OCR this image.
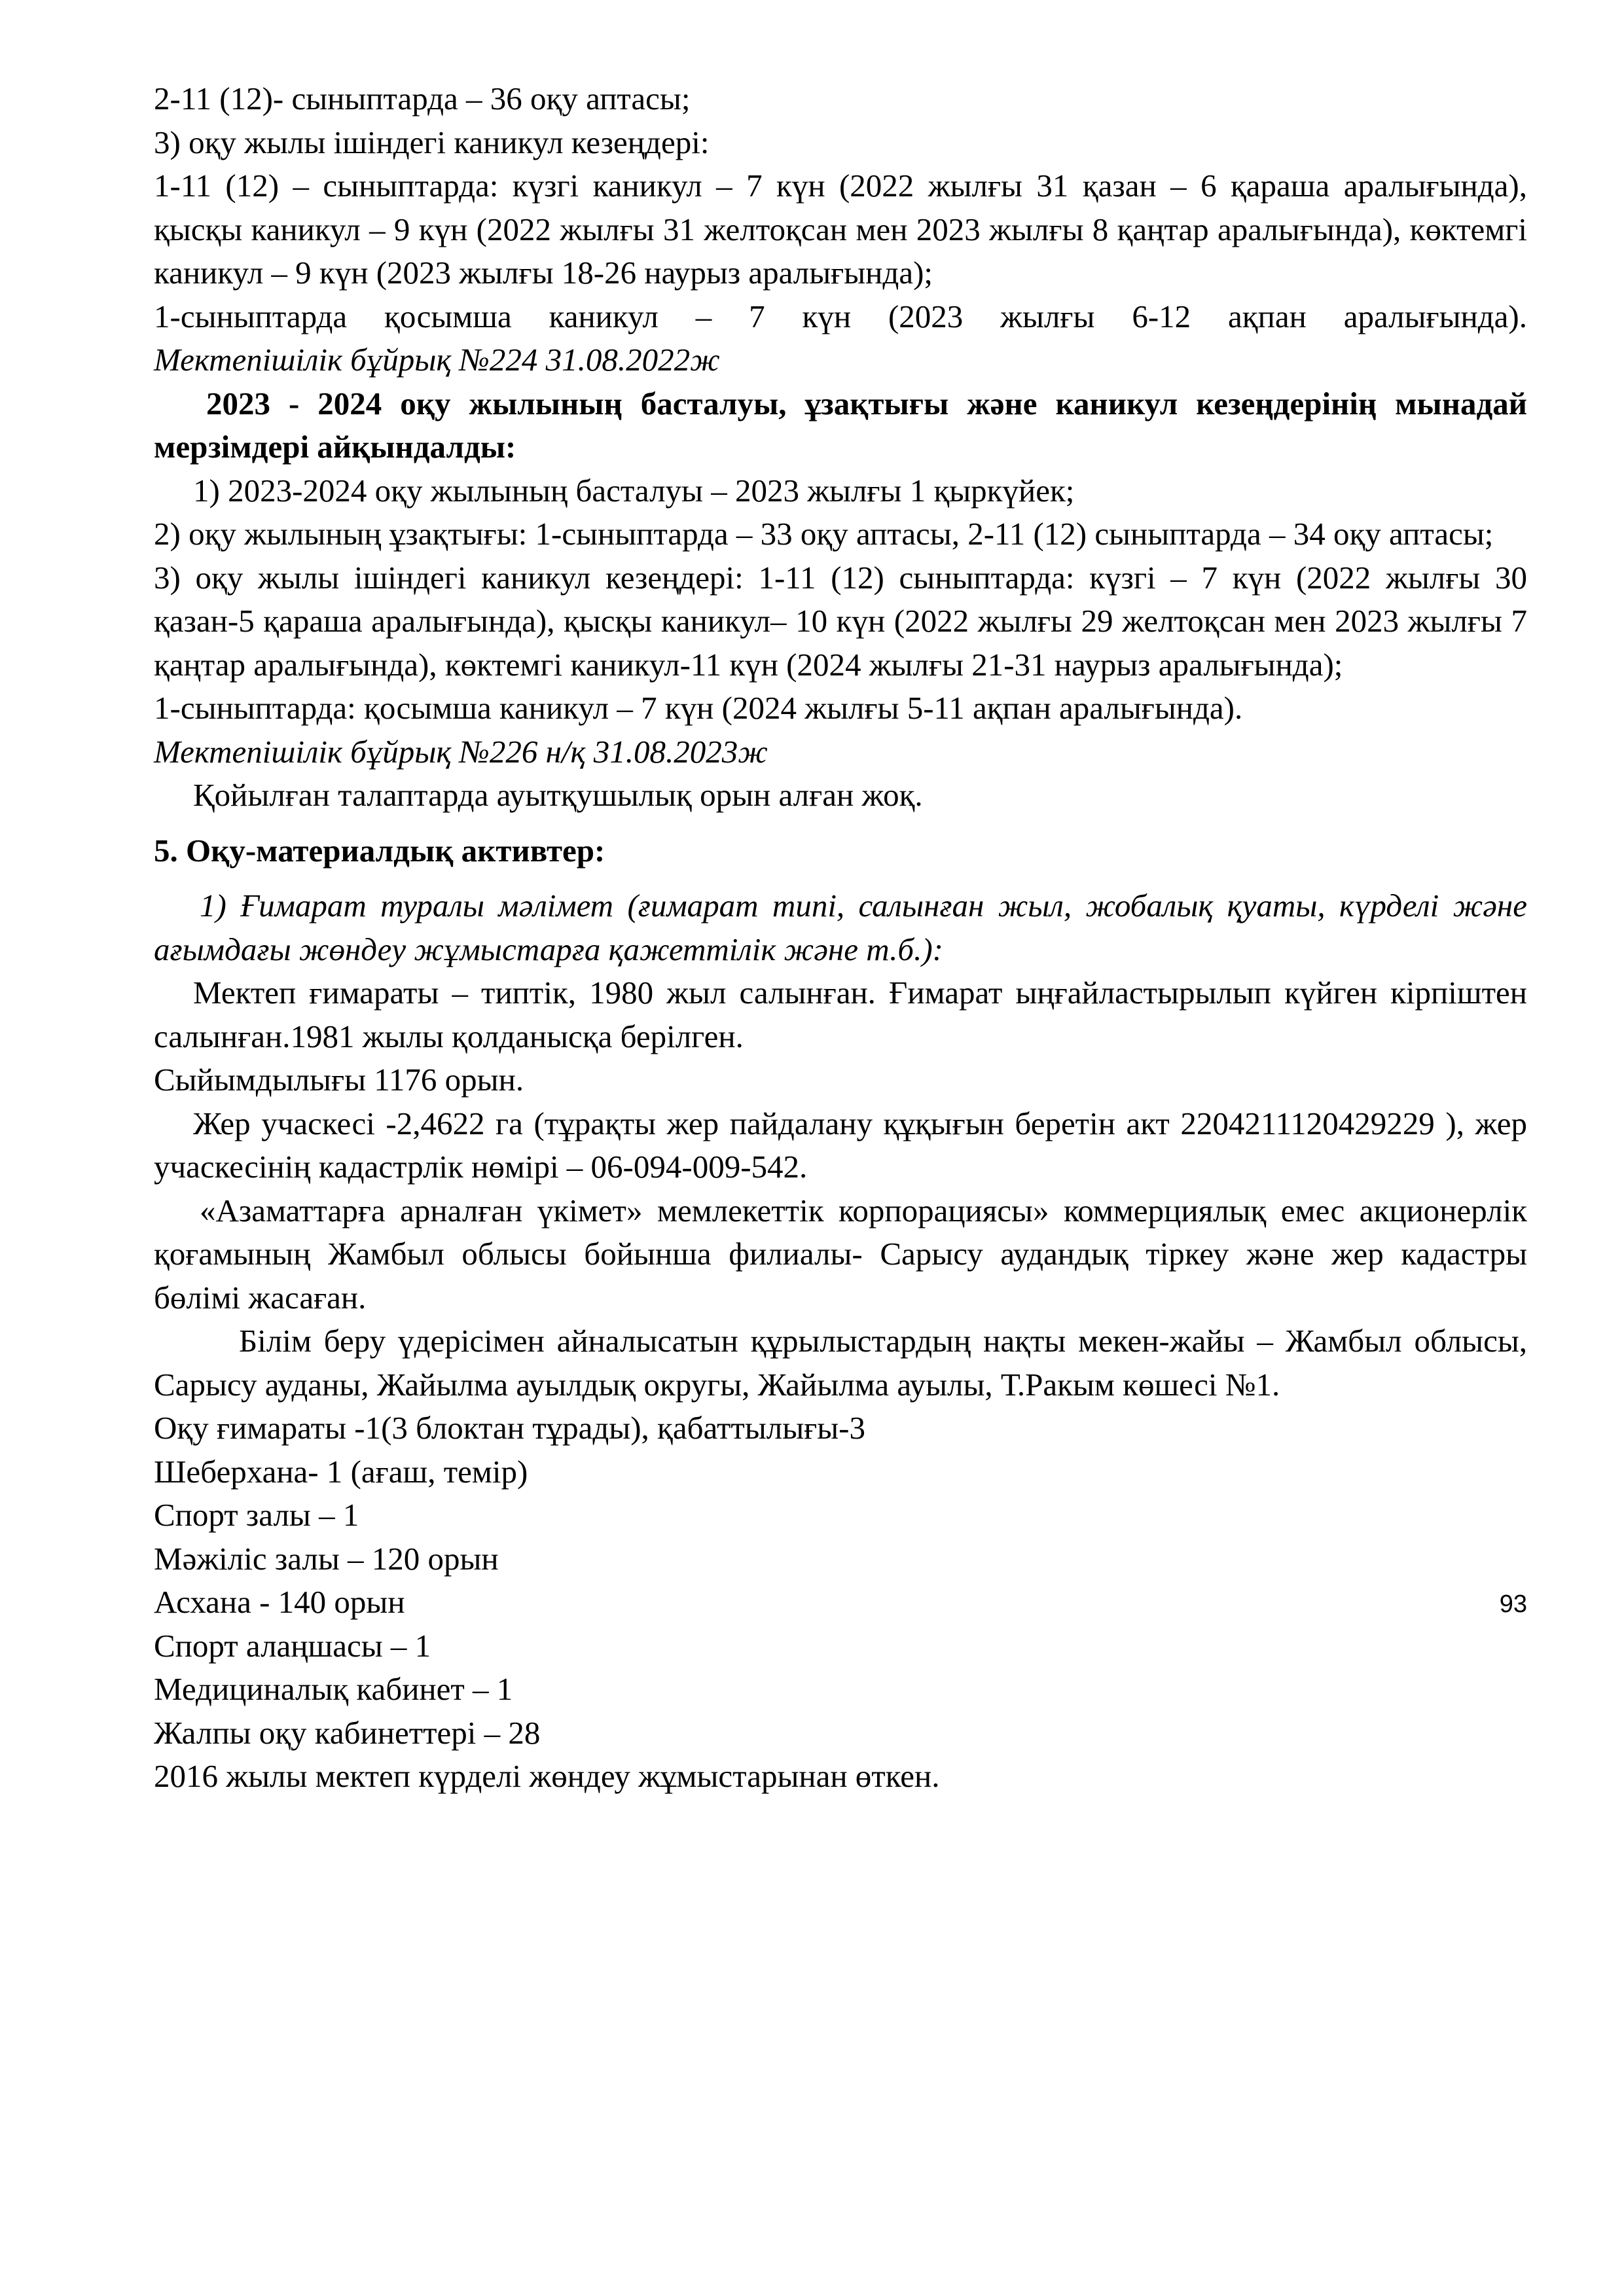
2-11 (12)- сыныптарда – 36 оқу аптасы;

3) оқу жылы ішіндегі каникул кезеңдері:

1-11 (12) – сыныптарда: күзгі каникул – 7 күн (2022 жылғы 31 қазан – 6 қараша аралығында), қысқы каникул – 9 күн (2022 жылғы 31 желтоқсан мен 2023 жылғы 8 қаңтар аралығында), көктемгі каникул – 9 күн (2023 жылғы 18-26 наурыз аралығында);

1-сыныптарда қосымша каникул – 7 күн (2023 жылғы 6-12 ақпан аралығында).

Мектепішілік бұйрық №224 31.08.2022ж

2023 - 2024 оқу жылының басталуы, ұзақтығы және каникул кезеңдерінің мынадай мерзімдері айқындалды:

1) 2023-2024 оқу жылының басталуы – 2023 жылғы 1 қыркүйек;

2) оқу жылының ұзақтығы: 1-сыныптарда – 33 оқу аптасы, 2-11 (12) сыныптарда – 34 оқу аптасы;

3) оқу жылы ішіндегі каникул кезеңдері: 1-11 (12) сыныптарда: күзгі – 7 күн (2022 жылғы 30 қазан-5 қараша аралығында), қысқы каникул– 10 күн (2022 жылғы 29 желтоқсан мен 2023 жылғы 7 қаңтар аралығында), көктемгі каникул-11 күн (2024 жылғы 21-31 наурыз аралығында);

1-сыныптарда: қосымша каникул – 7 күн (2024 жылғы 5-11 ақпан аралығында).

Мектепішілік бұйрық №226 н/қ 31.08.2023ж

Қойылған талаптарда ауытқушылық орын алған жоқ.

5. Оқу-материалдық активтер:

1) Ғимарат туралы мәлімет (ғимарат типі, салынған жыл, жобалық қуаты, күрделі және ағымдағы жөндеу жұмыстарға қажеттілік және т.б.):

Мектеп ғимараты – типтік, 1980 жыл салынған. Ғимарат ыңғайластырылып күйген кірпіштен салынған.1981 жылы қолданысқа берілген.

Сыйымдылығы 1176 орын.

Жер учаскесі -2,4622 га (тұрақты жер пайдалану құқығын беретін акт 2204211120429229 ), жер учаскесінің кадастрлік нөмірі – 06-094-009-542.

«Азаматтарға арналған үкімет» мемлекеттік корпорациясы» коммерциялық емес акционерлік қоғамының Жамбыл облысы бойынша филиалы- Сарысу аудандық тіркеу және жер кадастры бөлімі жасаған.

Білім беру үдерісімен айналысатын құрылыстардың нақты мекен-жайы – Жамбыл облысы, Сарысу ауданы, Жайылма ауылдық округы, Жайылма ауылы, Т.Ракым көшесі №1.

Оқу ғимараты -1(3 блоктан тұрады), қабаттылығы-3

Шеберхана- 1 (ағаш, темір)

Спорт залы – 1

Мәжіліс залы – 120 орын

Асхана - 140 орын

Спорт алаңшасы – 1

Медициналық кабинет – 1

Жалпы оқу кабинеттері – 28

2016 жылы мектеп күрделі жөндеу жұмыстарынан өткен.

93
